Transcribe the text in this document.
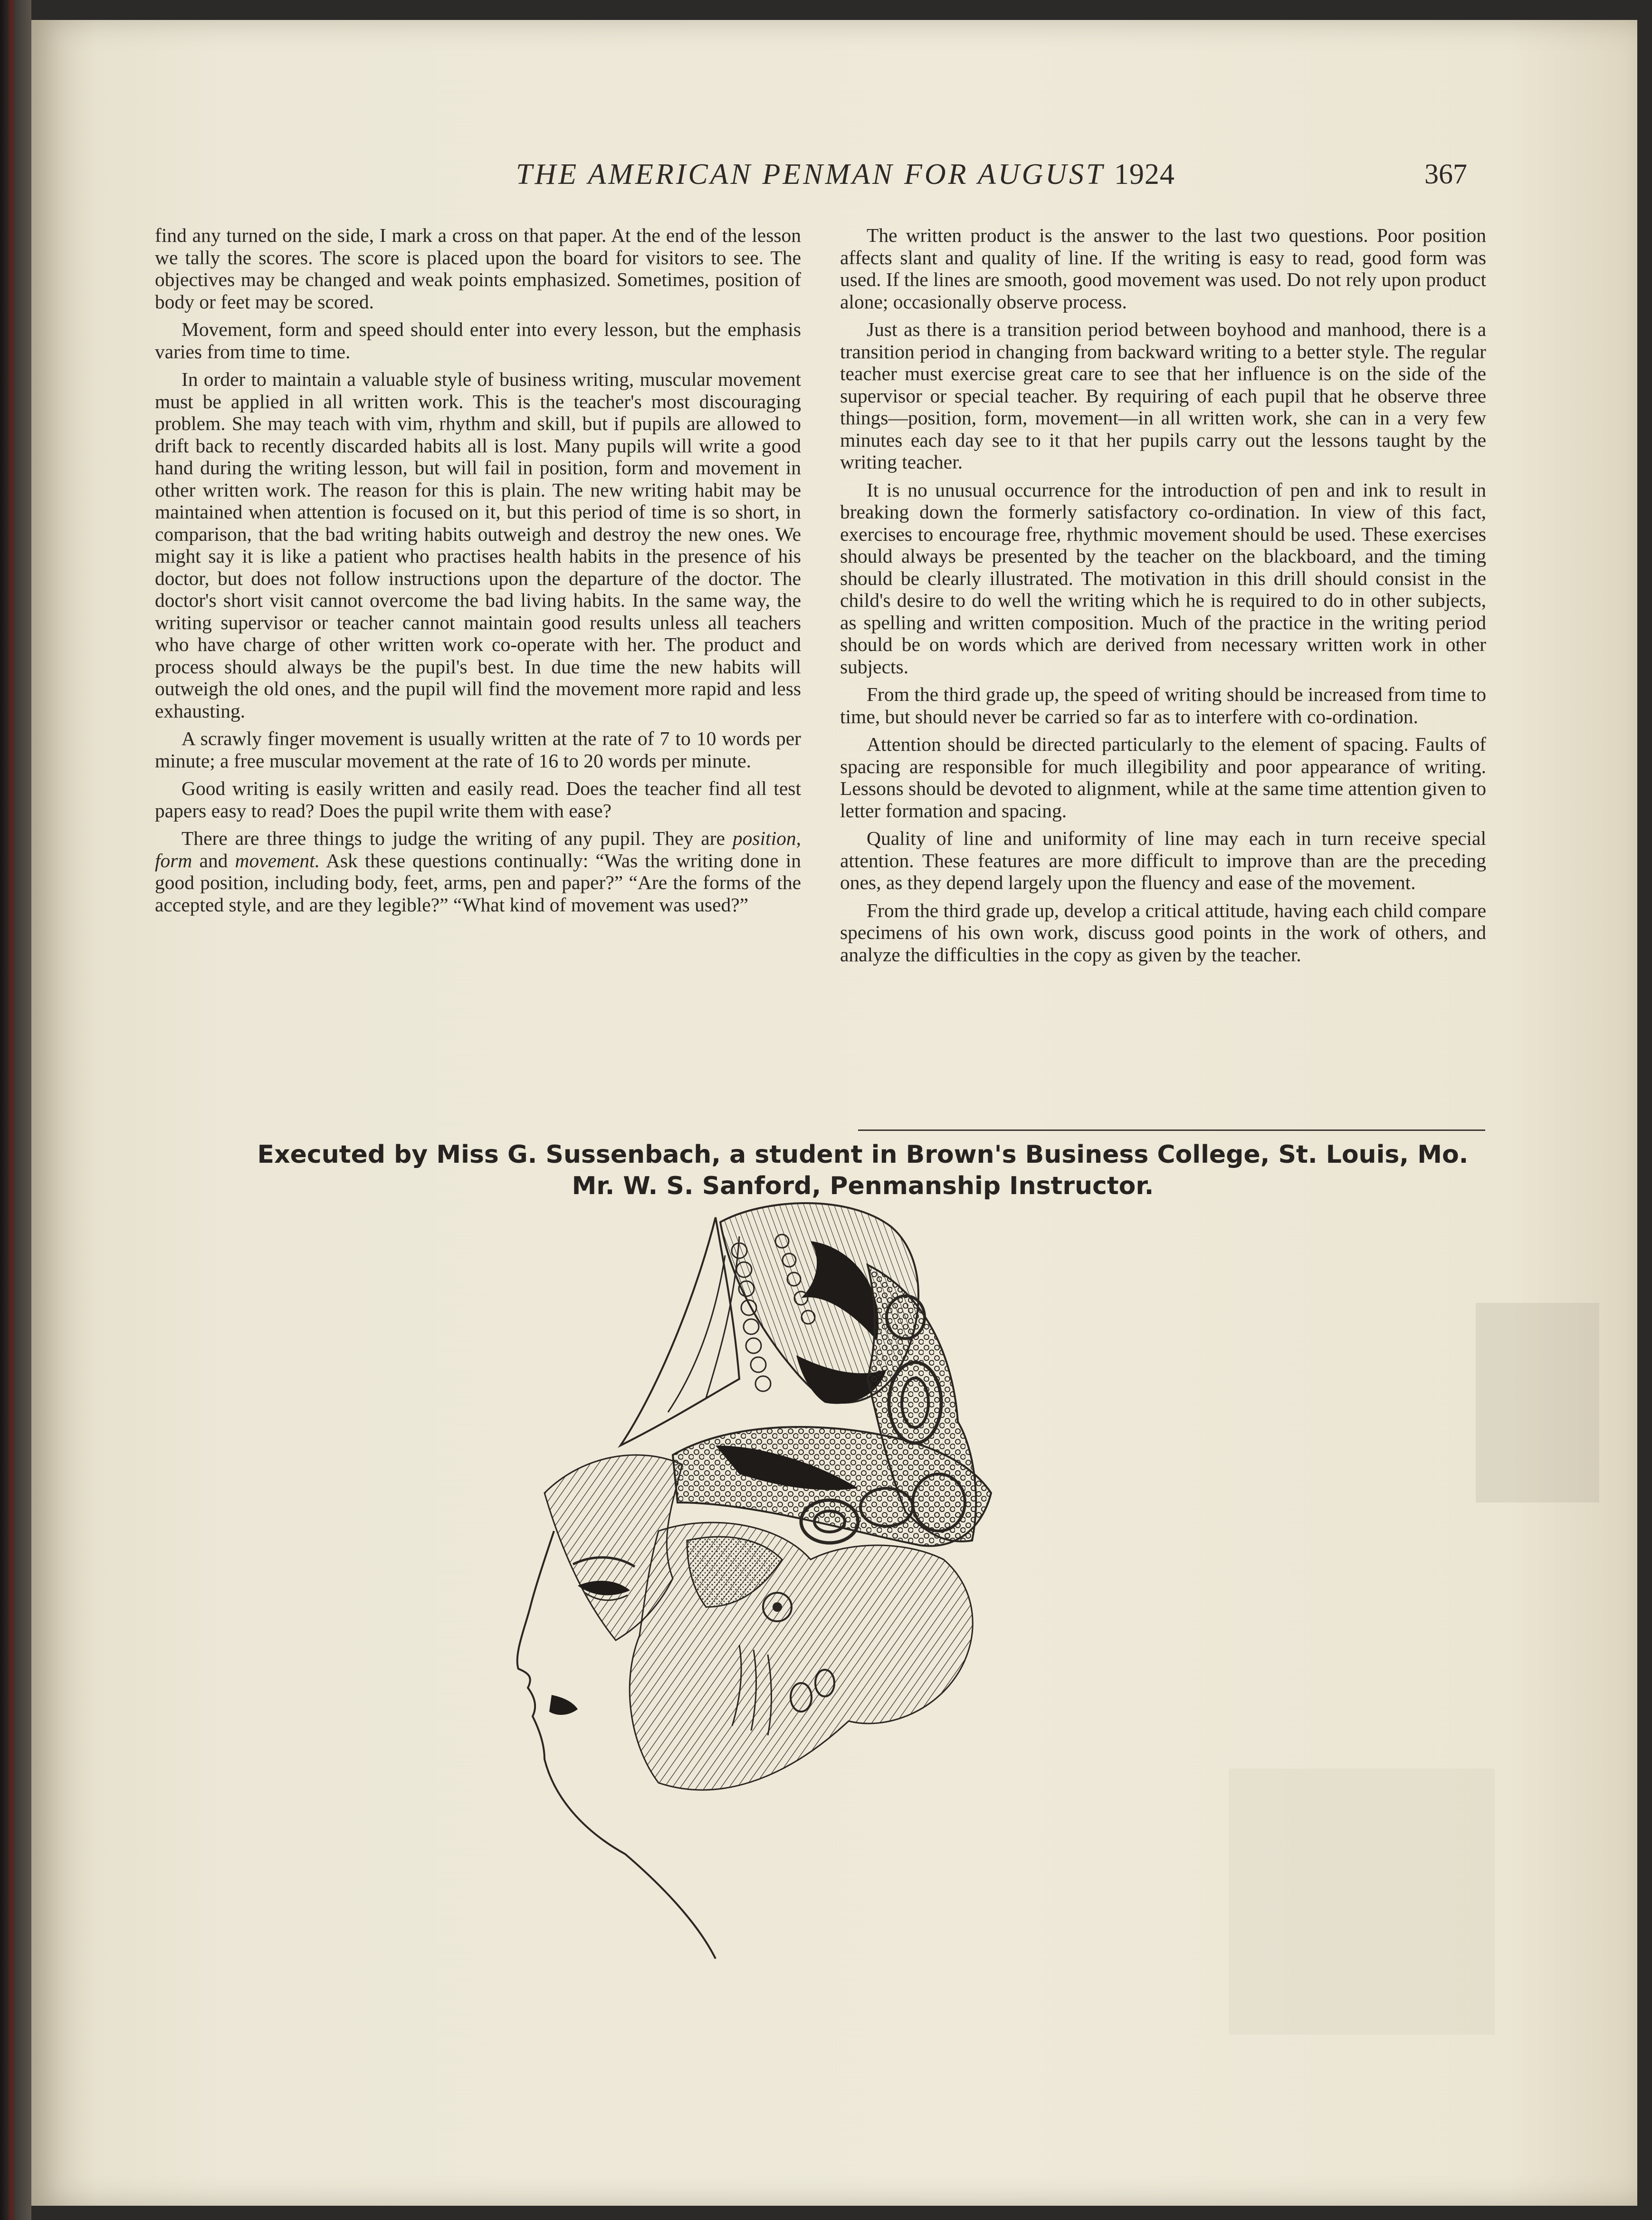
THE AMERICAN PENMAN FOR AUGUST 1924	367

find any turned on the side, I mark a cross on that paper. At the end of the lesson we tally the scores. The score is placed upon the board for visitors to see. The objectives may be changed and weak points emphasized. Sometimes, position of body or feet may be scored.

Movement, form and speed should enter into every lesson, but the emphasis varies from time to time.

In order to maintain a valuable style of business writing, muscular movement must be applied in all written work. This is the teacher's most discouraging problem. She may teach with vim, rhythm and skill, but if pupils are allowed to drift back to recently discarded habits all is lost. Many pupils will write a good hand during the writing lesson, but will fail in position, form and movement in other written work. The reason for this is plain. The new writing habit may be maintained when attention is focused on it, but this period of time is so short, in comparison, that the bad writing habits outweigh and destroy the new ones. We might say it is like a patient who practises health habits in the presence of his doctor, but does not follow instructions upon the departure of the doctor. The doctor's short visit cannot overcome the bad living habits. In the same way, the writing supervisor or teacher cannot maintain good results unless all teachers who have charge of other written work co-operate with her. The product and process should always be the pupil's best. In due time the new habits will outweigh the old ones, and the pupil will find the movement more rapid and less exhausting.

A scrawly finger movement is usually written at the rate of 7 to 10 words per minute; a free muscular movement at the rate of 16 to 20 words per minute.

Good writing is easily written and easily read. Does the teacher find all test papers easy to read? Does the pupil write them with ease?

There are three things to judge the writing of any pupil. They are position, form and movement. Ask these questions continually: “Was the writing done in good position, including body, feet, arms, pen and paper?” “Are the forms of the accepted style, and are they legible?” “What kind of movement was used?”

The written product is the answer to the last two questions. Poor position affects slant and quality of line. If the writing is easy to read, good form was used. If the lines are smooth, good movement was used. Do not rely upon product alone; occasionally observe process.

Just as there is a transition period between boyhood and manhood, there is a transition period in changing from backward writing to a better style. The regular teacher must exercise great care to see that her influence is on the side of the supervisor or special teacher. By requiring of each pupil that he observe three things—position, form, movement—in all written work, she can in a very few minutes each day see to it that her pupils carry out the lessons taught by the writing teacher.

It is no unusual occurrence for the introduction of pen and ink to result in breaking down the formerly satisfactory co-ordination. In view of this fact, exercises to encourage free, rhythmic movement should be used. These exercises should always be presented by the teacher on the blackboard, and the timing should be clearly illustrated. The motivation in this drill should consist in the child's desire to do well the writing which he is required to do in other subjects, as spelling and written composition. Much of the practice in the writing period should be on words which are derived from necessary written work in other subjects.

From the third grade up, the speed of writing should be increased from time to time, but should never be carried so far as to interfere with co-ordination.

Attention should be directed particularly to the element of spacing. Faults of spacing are responsible for much illegibility and poor appearance of writing. Lessons should be devoted to alignment, while at the same time attention given to letter formation and spacing.

Quality of line and uniformity of line may each in turn receive special attention. These features are more difficult to improve than are the preceding ones, as they depend largely upon the fluency and ease of the movement.

From the third grade up, develop a critical attitude, having each child compare specimens of his own work, discuss good points in the work of others, and analyze the difficulties in the copy as given by the teacher.

Executed by Miss G. Sussenbach, a student in Brown's Business College, St. Louis, Mo.
Mr. W. S. Sanford, Penmanship Instructor.
